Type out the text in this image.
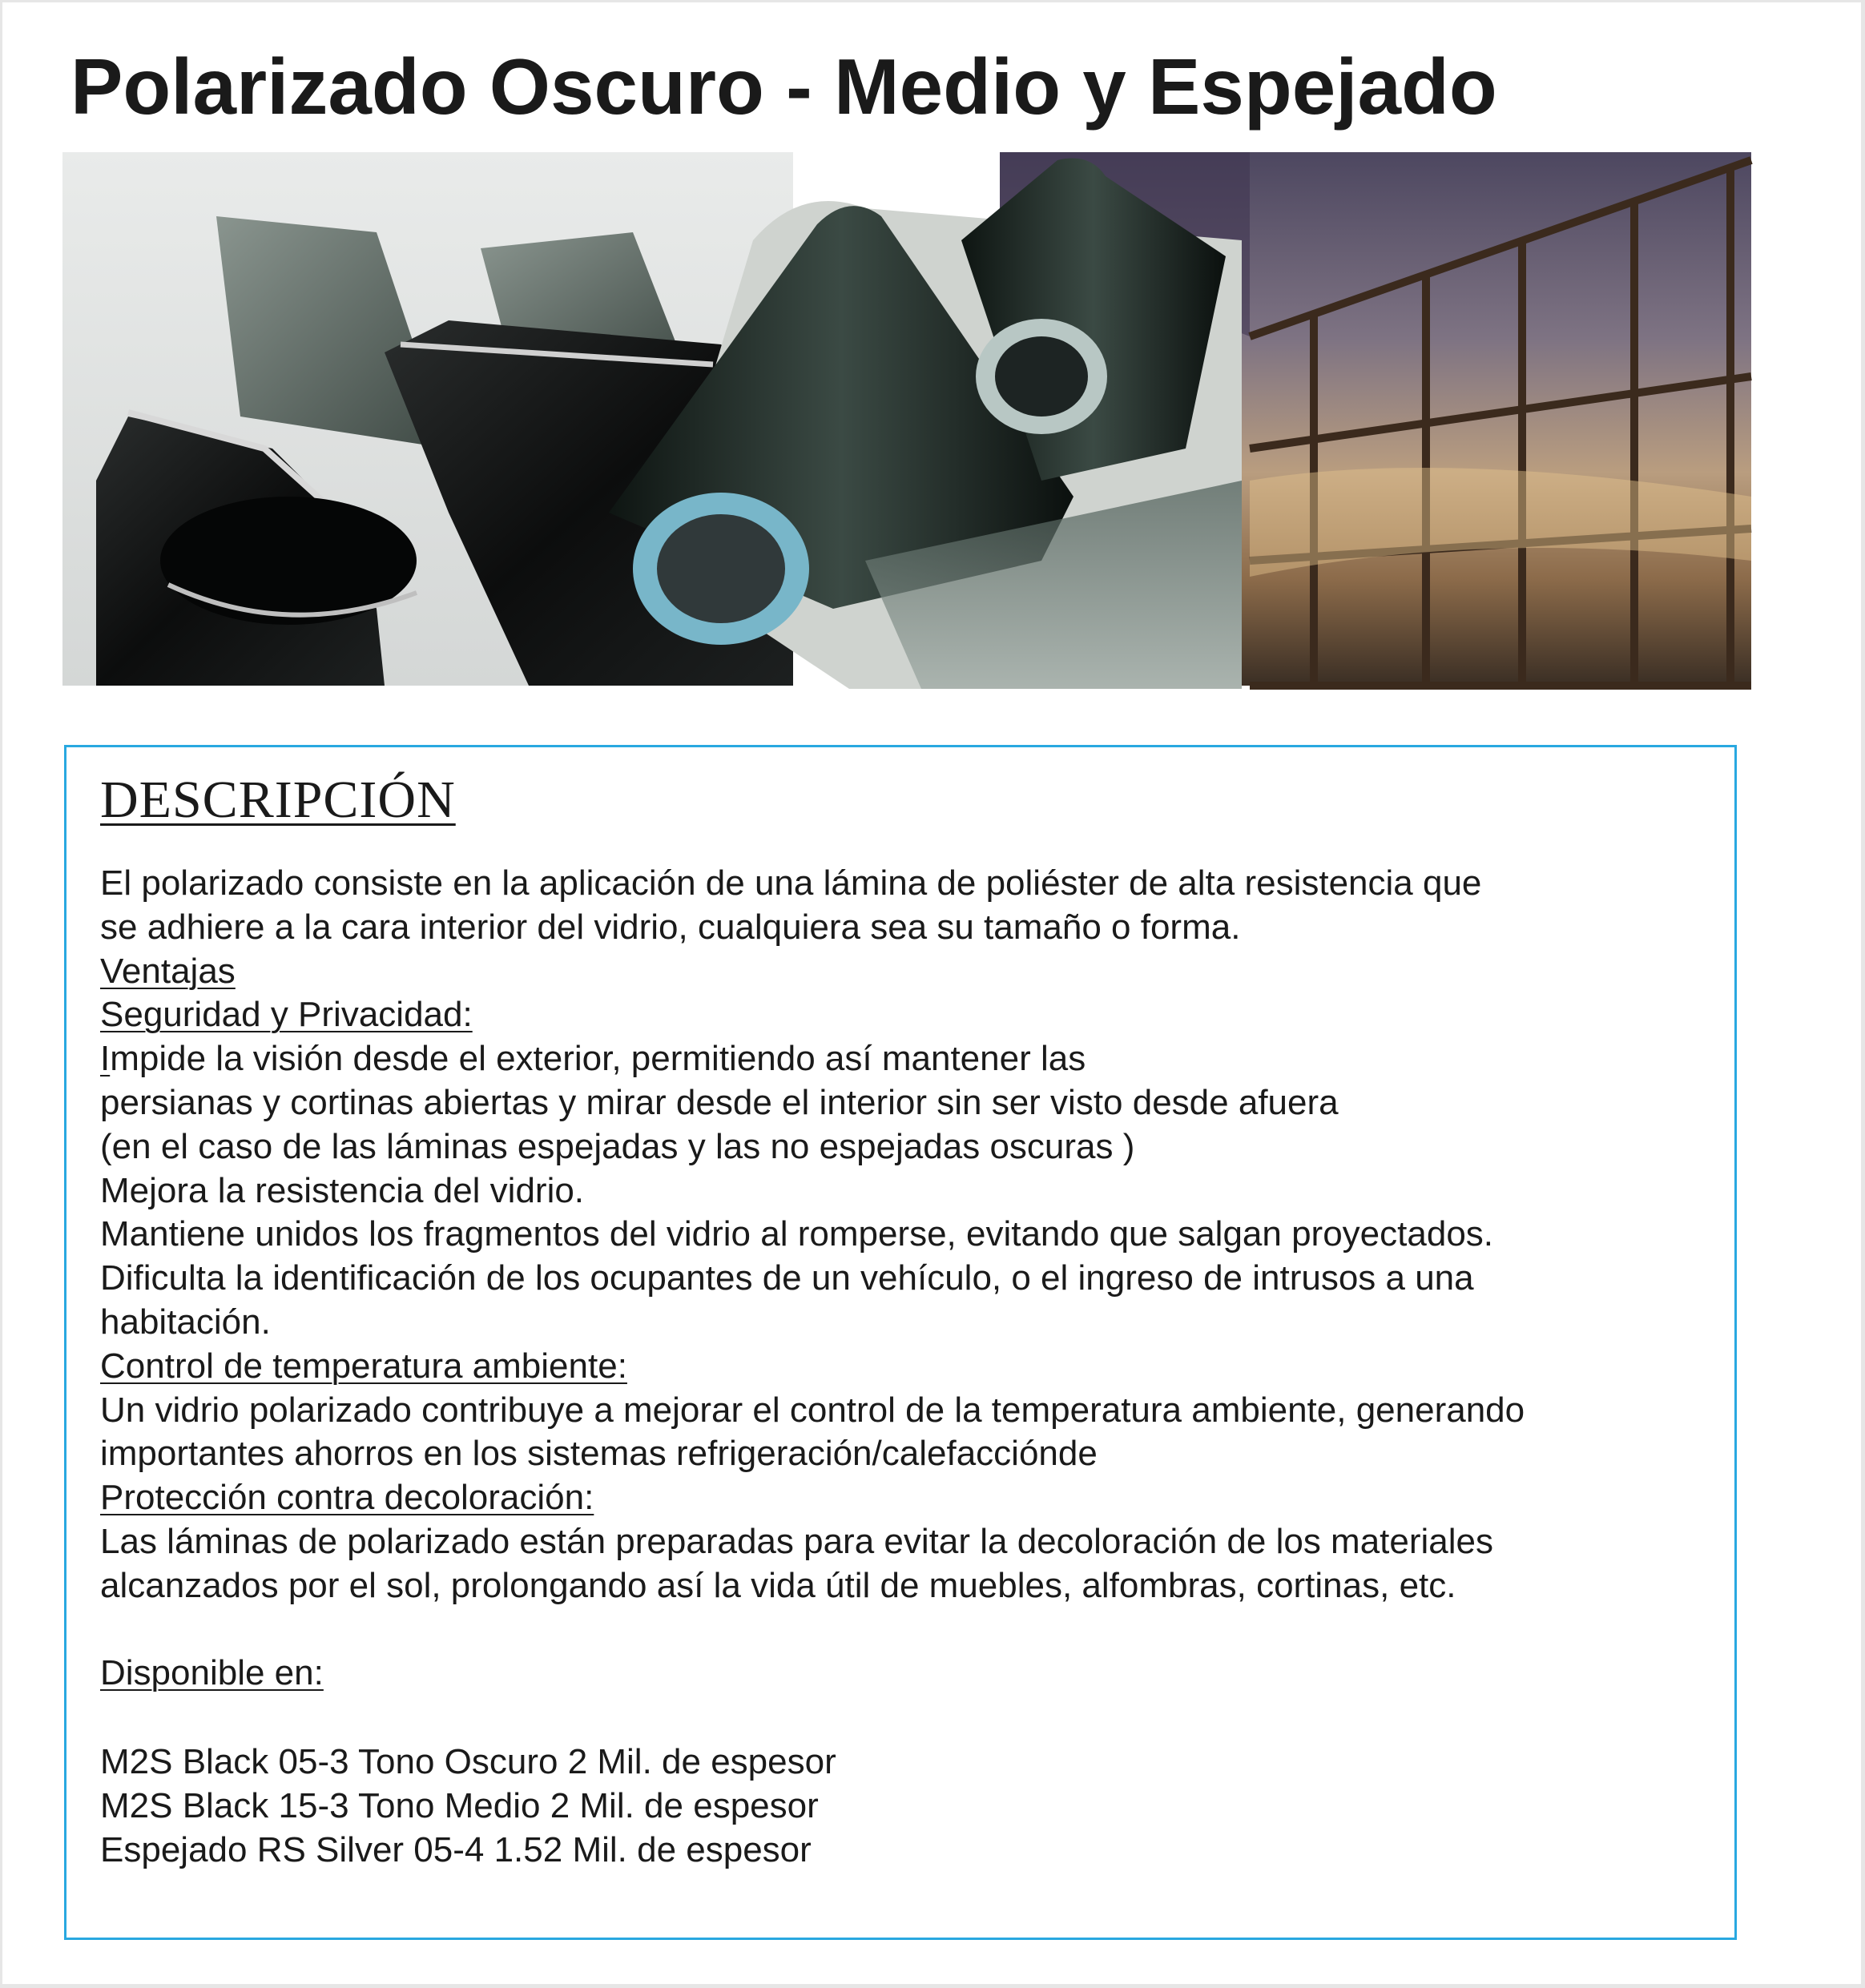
Polarizado Oscuro - Medio y Espejado
DESCRIPCIÓN
El polarizado consiste en la aplicación de una lámina de poliéster de alta resistencia que
se adhiere a la cara interior del vidrio, cualquiera sea su tamaño o forma.
Ventajas
Seguridad y Privacidad:
Impide la visión desde el exterior, permitiendo así mantener las
persianas y cortinas abiertas y mirar desde el interior sin ser visto desde afuera
(en el caso de las láminas espejadas y las no espejadas oscuras )
Mejora la resistencia del vidrio.
Mantiene unidos los fragmentos del vidrio al romperse, evitando que salgan proyectados.
Dificulta la identificación de los ocupantes de un vehículo, o el ingreso de intrusos a una
habitación.
Control de temperatura ambiente:
Un vidrio polarizado contribuye a mejorar el control de la temperatura ambiente, generando
importantes ahorros en los sistemas refrigeración/calefacciónde
Protección contra decoloración:
Las láminas de polarizado están preparadas para evitar la decoloración de los materiales
alcanzados por el sol, prolongando así la vida útil de muebles, alfombras, cortinas, etc.
Disponible en:
M2S Black 05-3 Tono Oscuro 2 Mil. de espesor
M2S Black 15-3 Tono Medio 2 Mil. de espesor
Espejado RS Silver 05-4 1.52 Mil. de espesor
